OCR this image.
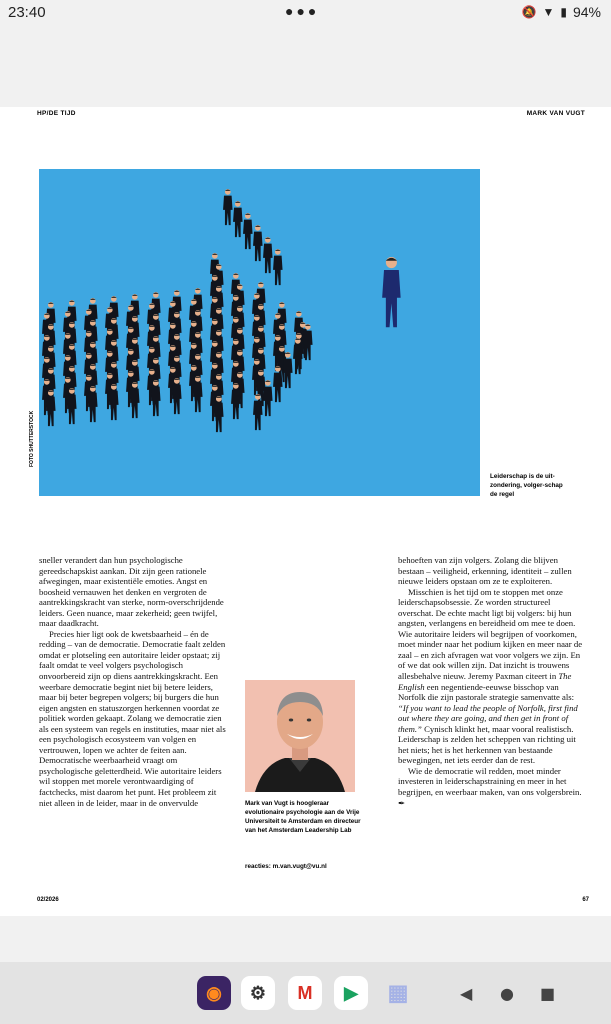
23:40	●●●	🔕 ▼ ▮ 94%
HP/DE TIJD	MARK VAN VUGT
FOTO SHUTTERSTOCK
Leiderschap is de uit-zondering, volger-schap de regel

sneller verandert dan hun psychologische gereedschapskist aankan. Dit zijn geen rationele afwegingen, maar existentiële emoties. Angst en boosheid vernauwen het denken en vergroten de aantrekkingskracht van sterke, norm-overschrijdende leiders. Geen nuance, maar zekerheid; geen twijfel, maar daadkracht.

Precies hier ligt ook de kwetsbaarheid – én de redding – van de democratie. Democratie faalt zelden omdat er plotseling een autoritaire leider opstaat; zij faalt omdat te veel volgers psychologisch onvoorbereid zijn op diens aantrekkingskracht. Een weerbare democratie begint niet bij betere leiders, maar bij beter begrepen volgers; bij burgers die hun eigen angsten en statuszorgen herkennen voordat ze politiek worden gekaapt. Zolang we democratie zien als een systeem van regels en instituties, maar niet als een psychologisch ecosysteem van volgen en vertrouwen, lopen we achter de feiten aan. Democratische weerbaarheid vraagt om psychologische geletterdheid. Wie autoritaire leiders wil stoppen met morele verontwaardiging of factchecks, mist daarom het punt. Het probleem zit niet alleen in de leider, maar in de onvervulde	Mark van Vugt is hoogleraar evolutionaire psychologie aan de Vrije Universiteit te Amsterdam en directeur van het Amsterdam Leadership Lab
reacties: m.van.vugt@vu.nl

behoeften van zijn volgers. Zolang die blijven bestaan – veiligheid, erkenning, identiteit – zullen nieuwe leiders opstaan om ze te exploiteren.

Misschien is het tijd om te stoppen met onze leiderschapsobsessie. Ze worden structureel overschat. De echte macht ligt bij volgers: bij hun angsten, verlangens en bereidheid om mee te doen. Wie autoritaire leiders wil begrijpen of voorkomen, moet minder naar het podium kijken en meer naar de zaal – en zich afvragen wat voor volgers we zijn. En of we dat ook willen zijn. Dat inzicht is trouwens allesbehalve nieuw. Jeremy Paxman citeert in The English een negentiende-eeuwse bisschop van Norfolk die zijn pastorale strategie samenvatte als: “If you want to lead the people of Norfolk, first find out where they are going, and then get in front of them.” Cynisch klinkt het, maar vooral realistisch. Leiderschap is zelden het scheppen van richting uit het niets; het is het herkennen van bestaande bewegingen, net iets eerder dan de rest.

Wie de democratie wil redden, moet minder investeren in leiderschapstraining en meer in het begrijpen, en weerbaar maken, van ons volgersbrein. ✒

02/2026	67
◉	⚙	M	▶	▦	◀ ● ■
